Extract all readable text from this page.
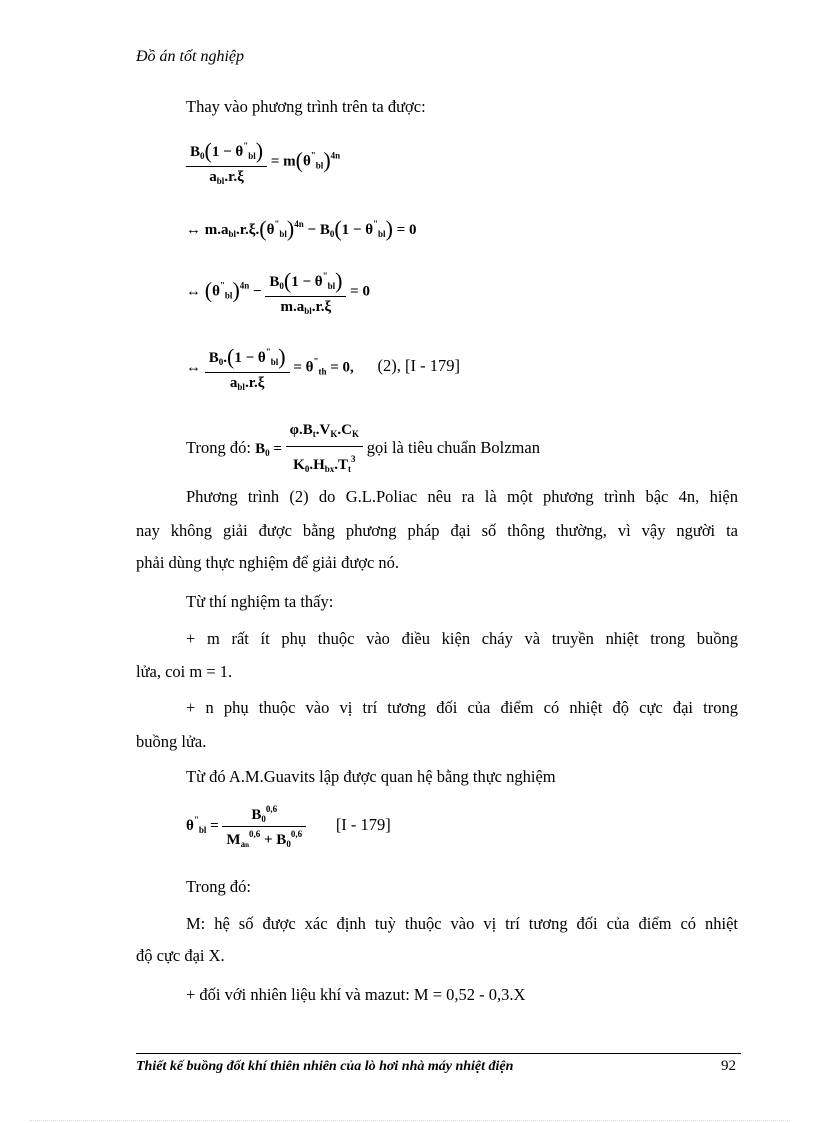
Đồ án tốt nghiệp
Thay vào phương trình trên ta được:
$\frac{B_0(1 - \theta^"_{bl})}{a_{bl}.r.\xi} = m(\theta^"_{bl})^{4n}$
↔ $m.a_{bl}.r.\xi.(\theta^"_{bl})^{4n} - B_0(1 - \theta^"_{bl}) = 0$
↔ $(\theta^"_{bl})^{4n} - \frac{B_0(1 - \theta^"_{bl})}{m.a_{bl}.r.\xi} = 0$
↔ $\frac{B_0.(1 - \theta^"_{bl})}{a_{bl}.r.\xi} = \theta^"_{th} = 0$, (2), [I - 179]
Trong đó: $B_0 = \frac{\varphi.B_t.V_K.C_K}{K_0.H_{bx}.T_t^3}$ gọi là tiêu chuẩn Bolzman
Phương trình (2) do G.L.Poliac nêu ra là một phương trình bậc 4n, hiện
nay không giải được bằng phương pháp đại số thông thường, vì vậy người ta
phải dùng thực nghiệm để giải được nó.
Từ thí nghiệm ta thấy:
+ m rất ít phụ thuộc vào điều kiện cháy và truyền nhiệt trong buồng
lửa, coi m = 1.
+ n phụ thuộc vào vị trí tương đối của điểm có nhiệt độ cực đại trong
buồng lửa.
Từ đó A.M.Guavits lập được quan hệ bằng thực nghiệm
$\theta^"_{bl} = \frac{B_0^{0,6}}{M_{an}^{0,6} + B_0^{0,6}} [I - 179]$
Trong đó:
M: hệ số được xác định tuỳ thuộc vào vị trí tương đối của điểm có nhiệt
độ cực đại X.
+ đối với nhiên liệu khí và mazut: M = 0,52 - 0,3.X
Thiết kế buồng đốt khí thiên nhiên của lò hơi nhà máy nhiệt điện	92
